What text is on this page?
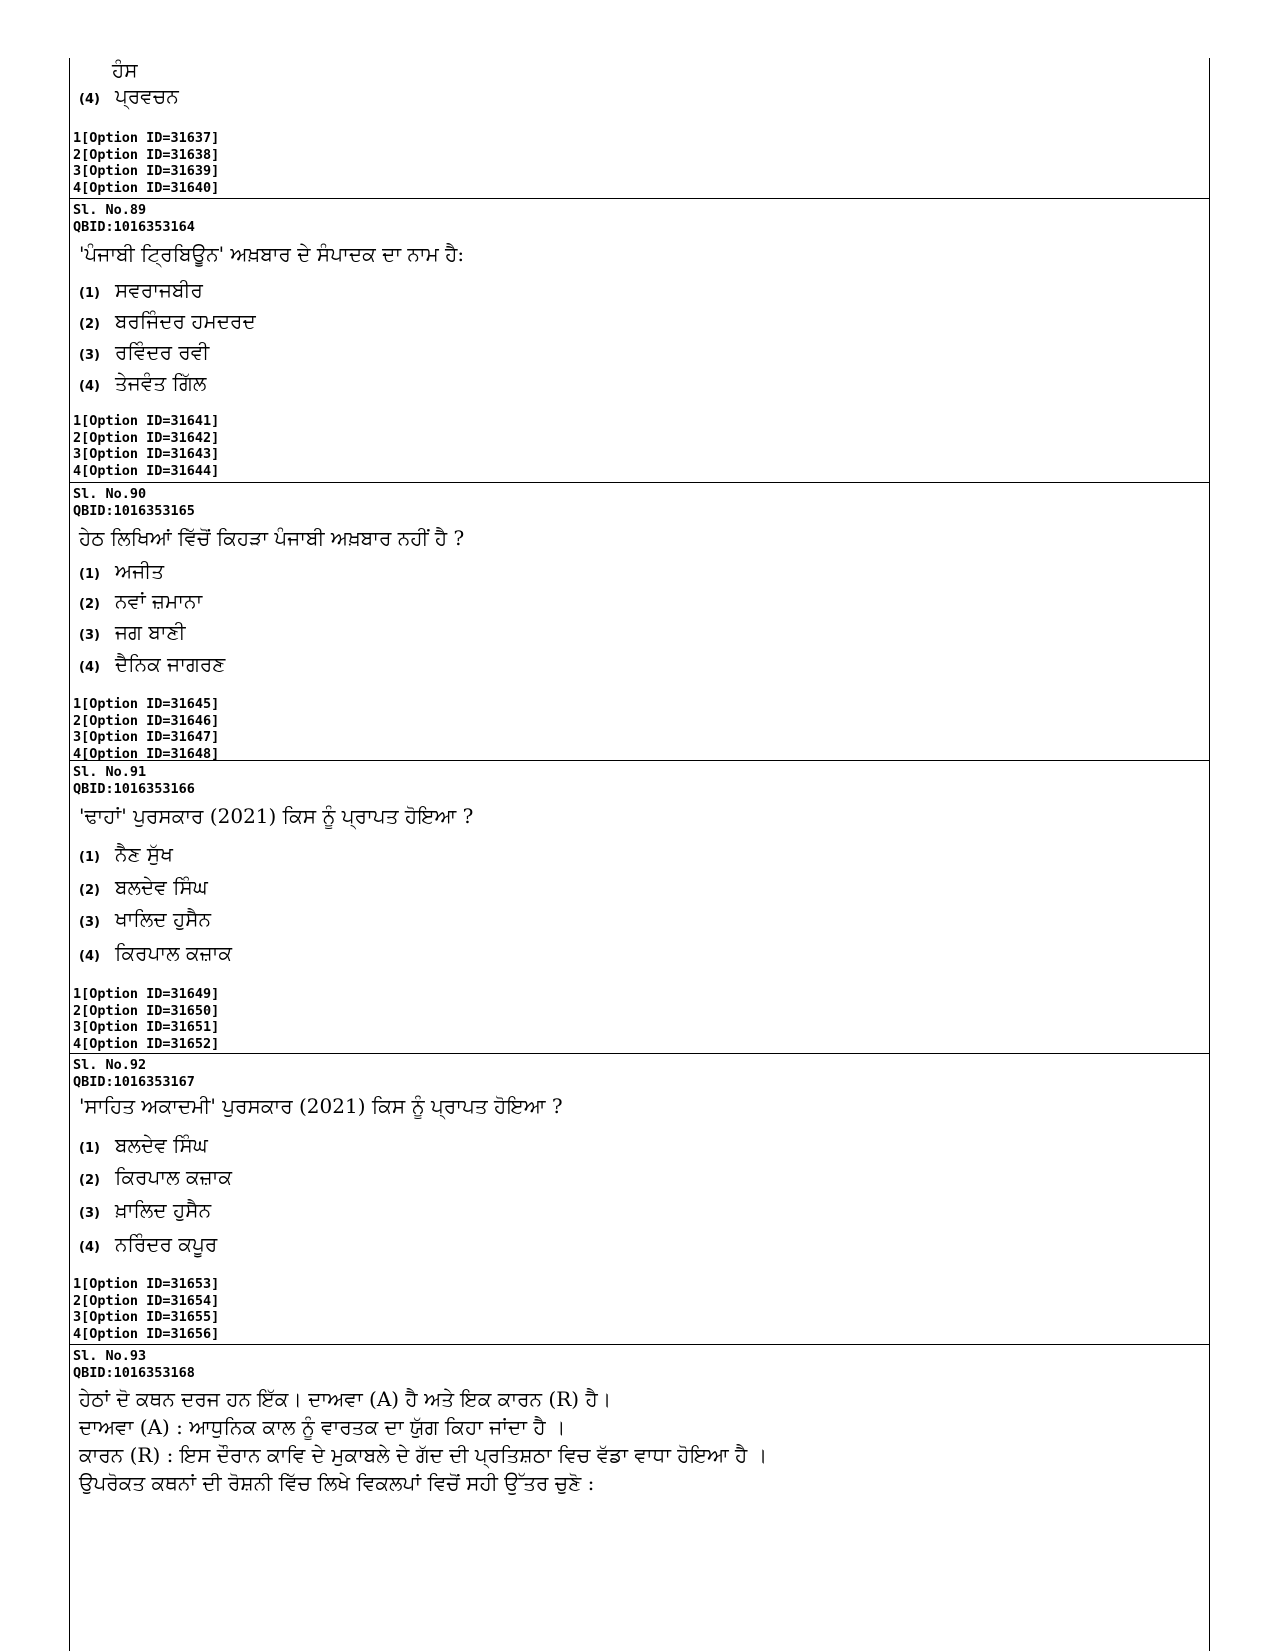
ਹੰਸ
(4) ਪ੍ਰਵਚਨ
1[Option ID=31637]
2[Option ID=31638]
3[Option ID=31639]
4[Option ID=31640]
Sl. No.89
QBID:1016353164
'ਪੰਜਾਬੀ ਟ੍ਰਿਬਿਊਨ' ਅਖ਼ਬਾਰ ਦੇ ਸੰਪਾਦਕ ਦਾ ਨਾਮ ਹੈ:
(1) ਸਵਰਾਜਬੀਰ
(2) ਬਰਜਿੰਦਰ ਹਮਦਰਦ
(3) ਰਵਿੰਦਰ ਰਵੀ
(4) ਤੇਜਵੰਤ ਗਿੱਲ
1[Option ID=31641]
2[Option ID=31642]
3[Option ID=31643]
4[Option ID=31644]
Sl. No.90
QBID:1016353165
ਹੇਠ ਲਿਖਿਆਂ ਵਿੱਚੋਂ ਕਿਹੜਾ ਪੰਜਾਬੀ ਅਖ਼ਬਾਰ ਨਹੀਂ ਹੈ ?
(1) ਅਜੀਤ
(2) ਨਵਾਂ ਜ਼ਮਾਨਾ
(3) ਜਗ ਬਾਣੀ
(4) ਦੈਨਿਕ ਜਾਗਰਣ
1[Option ID=31645]
2[Option ID=31646]
3[Option ID=31647]
4[Option ID=31648]
Sl. No.91
QBID:1016353166
'ਢਾਹਾਂ' ਪੁਰਸਕਾਰ (2021) ਕਿਸ ਨੂੰ ਪ੍ਰਾਪਤ ਹੋਇਆ ?
(1) ਨੈਣ ਸੁੱਖ
(2) ਬਲਦੇਵ ਸਿੰਘ
(3) ਖਾਲਿਦ ਹੁਸੈਨ
(4) ਕਿਰਪਾਲ ਕਜ਼ਾਕ
1[Option ID=31649]
2[Option ID=31650]
3[Option ID=31651]
4[Option ID=31652]
Sl. No.92
QBID:1016353167
'ਸਾਹਿਤ ਅਕਾਦਮੀ' ਪੁਰਸਕਾਰ (2021) ਕਿਸ ਨੂੰ ਪ੍ਰਾਪਤ ਹੋਇਆ ?
(1) ਬਲਦੇਵ ਸਿੰਘ
(2) ਕਿਰਪਾਲ ਕਜ਼ਾਕ
(3) ਖ਼ਾਲਿਦ ਹੁਸੈਨ
(4) ਨਰਿੰਦਰ ਕਪੂਰ
1[Option ID=31653]
2[Option ID=31654]
3[Option ID=31655]
4[Option ID=31656]
Sl. No.93
QBID:1016353168
ਹੇਠਾਂ ਦੋ ਕਥਨ ਦਰਜ ਹਨ ਇੱਕ। ਦਾਅਵਾ (A) ਹੈ ਅਤੇ ਇਕ ਕਾਰਨ (R) ਹੈ।
ਦਾਅਵਾ (A) : ਆਧੁਨਿਕ ਕਾਲ ਨੂੰ ਵਾਰਤਕ ਦਾ ਯੁੱਗ ਕਿਹਾ ਜਾਂਦਾ ਹੈ ।
ਕਾਰਨ (R) : ਇਸ ਦੌਰਾਨ ਕਾਵਿ ਦੇ ਮੁਕਾਬਲੇ ਦੇ ਗੱਦ ਦੀ ਪ੍ਰਤਿਸ਼ਠਾ ਵਿਚ ਵੱਡਾ ਵਾਧਾ ਹੋਇਆ ਹੈ ।
ਉਪਰੋਕਤ ਕਥਨਾਂ ਦੀ ਰੋਸ਼ਨੀ ਵਿੱਚ ਲਿਖੇ ਵਿਕਲਪਾਂ ਵਿਚੋਂ ਸਹੀ ਉੱਤਰ ਚੁਣੋ :
